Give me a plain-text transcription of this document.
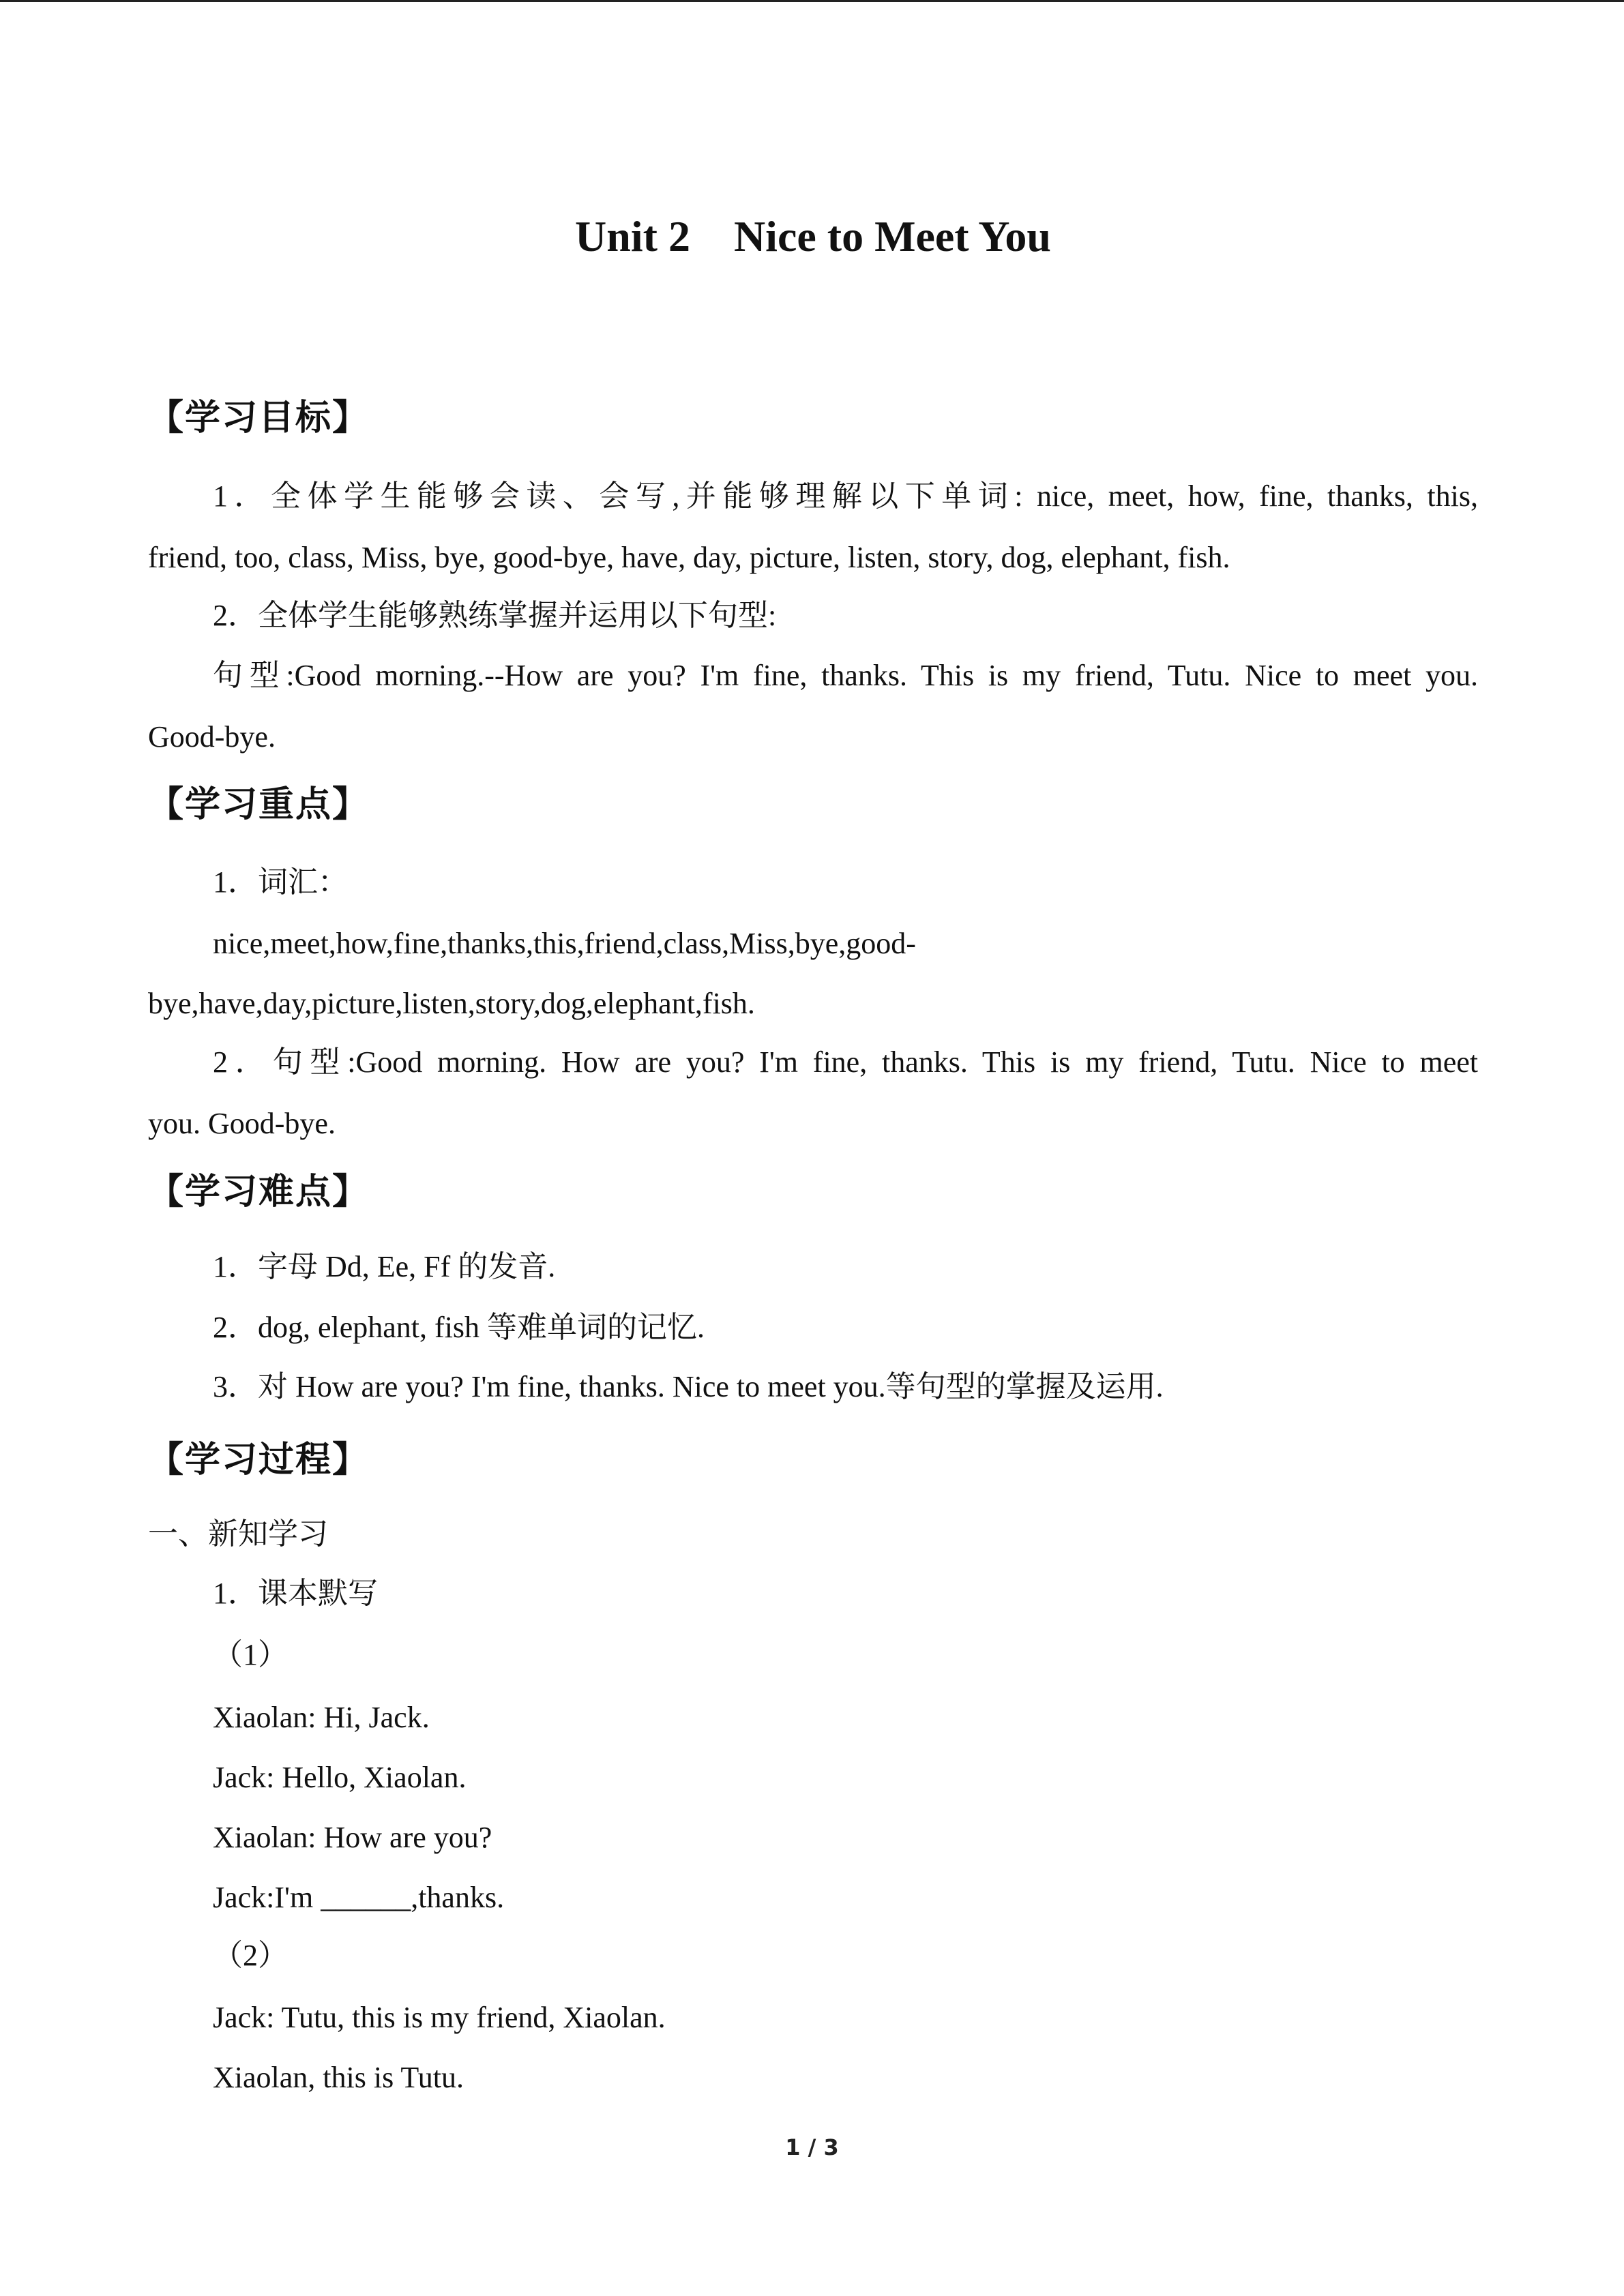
Unit 2    Nice to Meet You
【学习目标】
1．全体学生能够会读、会写,并能够理解以下单词: nice, meet, how, fine, thanks, this,
friend, too, class, Miss, bye, good-bye, have, day, picture, listen, story, dog, elephant, fish.
2．全体学生能够熟练掌握并运用以下句型:
句型:Good morning.--How are you? I'm fine, thanks. This is my friend, Tutu. Nice to meet you.
Good-bye.
【学习重点】
1．词汇：
nice,meet,how,fine,thanks,this,friend,class,Miss,bye,good-
bye,have,day,picture,listen,story,dog,elephant,fish.
2．句型:Good morning. How are you? I'm fine, thanks. This is my friend, Tutu. Nice to meet
you. Good-bye.
【学习难点】
1．字母 Dd, Ee, Ff 的发音.
2．dog, elephant, fish 等难单词的记忆.
3．对 How are you? I'm fine, thanks. Nice to meet you.等句型的掌握及运用.
【学习过程】
一、新知学习
1．课本默写
（1）
Xiaolan: Hi, Jack.
Jack: Hello, Xiaolan.
Xiaolan: How are you?
Jack:I'm ______,thanks.
（2）
Jack: Tutu, this is my friend, Xiaolan.
Xiaolan, this is Tutu.
1 / 3
